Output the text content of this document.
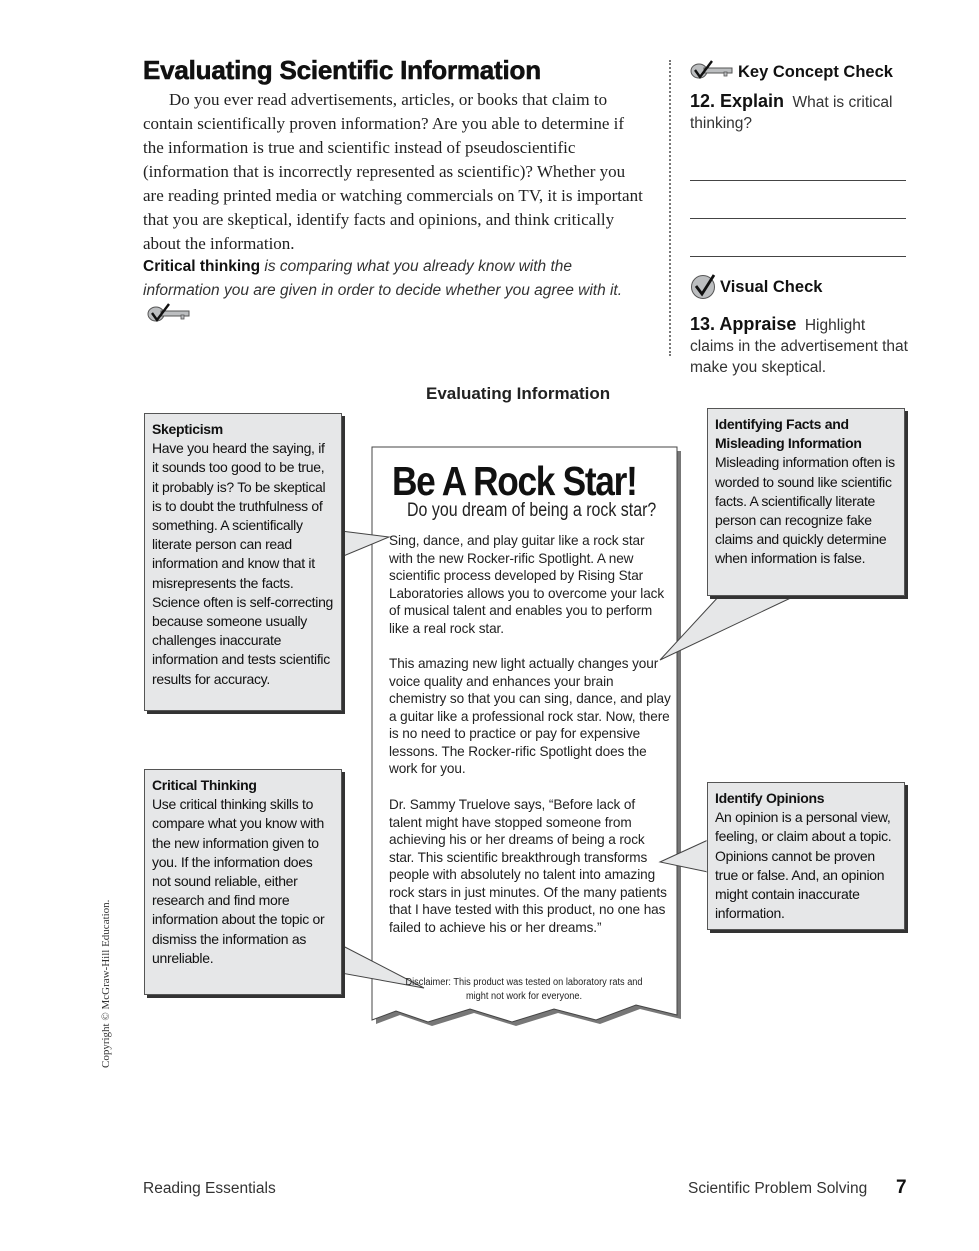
Evaluating Scientific Information

Do you ever read advertisements, articles, or books that claim to contain scientifically proven information? Are you able to determine if the information is true and scientific instead of pseudoscientific (information that is incorrectly represented as scientific)? Whether you are reading printed media or watching commercials on TV, it is important that you are skeptical, identify facts and opinions, and think critically about the information.

Critical thinking is comparing what you already know with the information you are given in order to decide whether you agree with it.
Key Concept Check
12. Explain What is critical thinking?
Visual Check
13. Appraise Highlight claims in the advertisement that make you skeptical.
Evaluating Information
Be A Rock Star!
Do you dream of being a rock star?
Sing, dance, and play guitar like a rock star with the new Rocker-rific Spotlight. A new scientific process developed by Rising Star Laboratories allows you to overcome your lack of musical talent and enables you to perform like a real rock star.
This amazing new light actually changes your voice quality and enhances your brain chemistry so that you can sing, dance, and play a guitar like a professional rock star. Now, there is no need to practice or pay for expensive lessons. The Rocker-rific Spotlight does the work for you.
Dr. Sammy Truelove says, “Before lack of talent might have stopped someone from achieving his or her dreams of being a rock star. This scientific breakthrough transforms people with absolutely no talent into amazing rock stars in just minutes. Of the many patients that I have tested with this product, no one has failed to achieve his or her dreams.”
Disclaimer: This product was tested on laboratory rats and might not work for everyone.
Skepticism
Have you heard the saying, if it sounds too good to be true, it probably is? To be skeptical is to doubt the truthfulness of something. A scientifically literate person can read information and know that it misrepresents the facts. Science often is self-correcting because someone usually challenges inaccurate information and tests scientific results for accuracy.
Critical Thinking
Use critical thinking skills to compare what you know with the new information given to you. If the information does not sound reliable, either research and find more information about the topic or dismiss the information as unreliable.
Identifying Facts and Misleading Information
Misleading information often is worded to sound like scientific facts. A scientifically literate person can recognize fake claims and quickly determine when information is false.
Identify Opinions
An opinion is a personal view, feeling, or claim about a topic. Opinions cannot be proven true or false. And, an opinion might contain inaccurate information.
Copyright © McGraw-Hill Education.
Reading Essentials	Scientific Problem Solving 7
